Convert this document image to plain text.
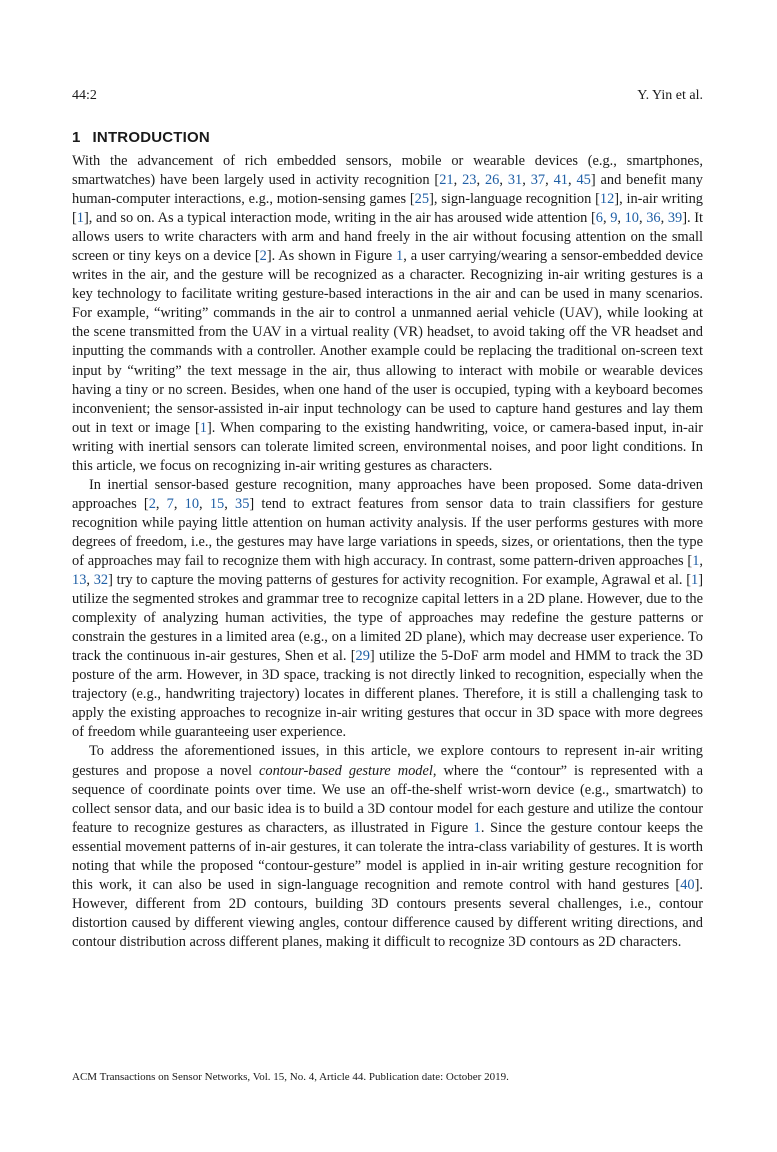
44:2	Y. Yin et al.
1 INTRODUCTION

With the advancement of rich embedded sensors, mobile or wearable devices (e.g., smartphones, smartwatches) have been largely used in activity recognition [21, 23, 26, 31, 37, 41, 45] and benefit many human-computer interactions, e.g., motion-sensing games [25], sign-language recognition [12], in-air writing [1], and so on. As a typical interaction mode, writing in the air has aroused wide attention [6, 9, 10, 36, 39]. It allows users to write characters with arm and hand freely in the air without focusing attention on the small screen or tiny keys on a device [2]. As shown in Figure 1, a user carrying/wearing a sensor-embedded device writes in the air, and the gesture will be recognized as a character. Recognizing in-air writing gestures is a key technology to facilitate writing gesture-based interactions in the air and can be used in many scenarios. For example, “writing” commands in the air to control a unmanned aerial vehicle (UAV), while looking at the scene transmitted from the UAV in a virtual reality (VR) headset, to avoid taking off the VR headset and inputting the commands with a controller. Another example could be replacing the traditional on-screen text input by “writing” the text message in the air, thus allowing to interact with mobile or wearable devices having a tiny or no screen. Besides, when one hand of the user is occupied, typing with a keyboard becomes inconvenient; the sensor-assisted in-air input technology can be used to capture hand gestures and lay them out in text or image [1]. When comparing to the existing handwriting, voice, or camera-based input, in-air writing with inertial sensors can tolerate limited screen, environmental noises, and poor light conditions. In this article, we focus on recognizing in-air writing gestures as characters.

In inertial sensor-based gesture recognition, many approaches have been proposed. Some data-driven approaches [2, 7, 10, 15, 35] tend to extract features from sensor data to train classifiers for gesture recognition while paying little attention on human activity analysis. If the user performs gestures with more degrees of freedom, i.e., the gestures may have large variations in speeds, sizes, or orientations, then the type of approaches may fail to recognize them with high accuracy. In contrast, some pattern-driven approaches [1, 13, 32] try to capture the moving patterns of gestures for activity recognition. For example, Agrawal et al. [1] utilize the segmented strokes and grammar tree to recognize capital letters in a 2D plane. However, due to the complexity of analyzing human activities, the type of approaches may redefine the gesture patterns or constrain the gestures in a limited area (e.g., on a limited 2D plane), which may decrease user experience. To track the continuous in-air gestures, Shen et al. [29] utilize the 5-DoF arm model and HMM to track the 3D posture of the arm. However, in 3D space, tracking is not directly linked to recognition, especially when the trajectory (e.g., handwriting trajectory) locates in different planes. Therefore, it is still a challenging task to apply the existing approaches to recognize in-air writing gestures that occur in 3D space with more degrees of freedom while guaranteeing user experience.

To address the aforementioned issues, in this article, we explore contours to represent in-air writing gestures and propose a novel contour-based gesture model, where the “contour” is represented with a sequence of coordinate points over time. We use an off-the-shelf wrist-worn device (e.g., smartwatch) to collect sensor data, and our basic idea is to build a 3D contour model for each gesture and utilize the contour feature to recognize gestures as characters, as illustrated in Figure 1. Since the gesture contour keeps the essential movement patterns of in-air gestures, it can tolerate the intra-class variability of gestures. It is worth noting that while the proposed “contour-gesture” model is applied in in-air writing gesture recognition for this work, it can also be used in sign-language recognition and remote control with hand gestures [40]. However, different from 2D contours, building 3D contours presents several challenges, i.e., contour distortion caused by different viewing angles, contour difference caused by different writing directions, and contour distribution across different planes, making it difficult to recognize 3D contours as 2D characters.

ACM Transactions on Sensor Networks, Vol. 15, No. 4, Article 44. Publication date: October 2019.
